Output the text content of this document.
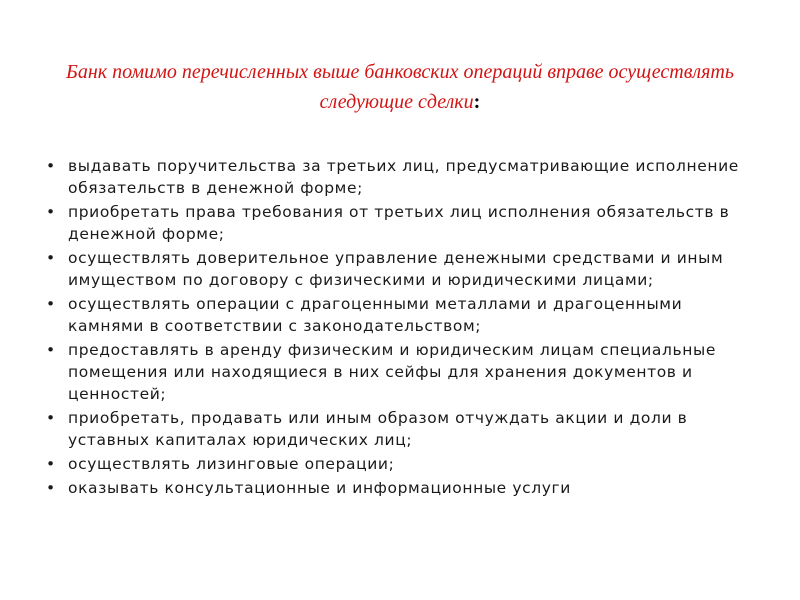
Банк помимо перечисленных выше банковских операций вправе осуществлять следующие сделки:
• выдавать поручительства за третьих лиц, предусматривающие исполнение обязательств в денежной форме;
• приобретать права требования от третьих лиц исполнения обязательств в денежной форме;
• осуществлять доверительное управление денежными средствами и иным имуществом по договору с физическими и юридическими лицами;
• осуществлять операции с драгоценными металлами и драгоценными камнями в соответствии с законодательством;
• предоставлять в аренду физическим и юридическим лицам специальные помещения или находящиеся в них сейфы для хранения документов и ценностей;
• приобретать, продавать или иным образом отчуждать акции и доли в уставных капиталах юридических лиц;
• осуществлять лизинговые операции;
• оказывать консультационные и информационные услуги
